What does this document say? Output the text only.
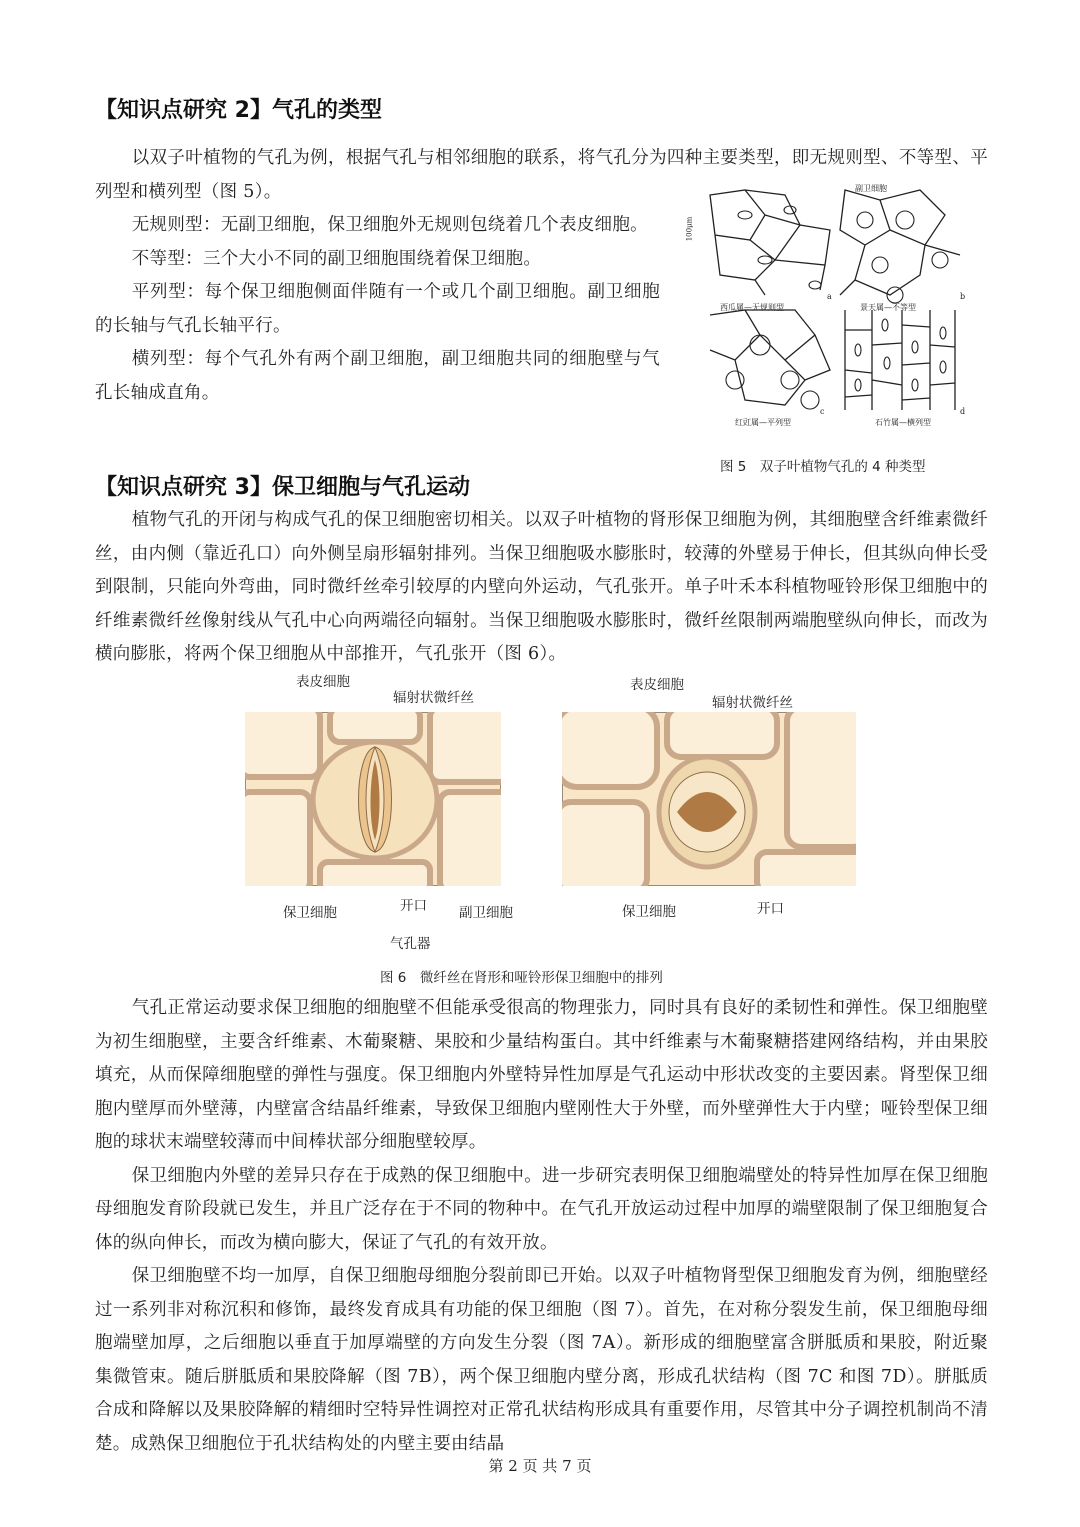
【知识点研究 2】气孔的类型

以双子叶植物的气孔为例，根据气孔与相邻细胞的联系，将气孔分为四种主要类型，即无规则型、不等型、平列型和横列型（图 5）。

无规则型：无副卫细胞，保卫细胞外无规则包绕着几个表皮细胞。

不等型：三个大小不同的副卫细胞围绕着保卫细胞。

平列型：每个保卫细胞侧面伴随有一个或几个副卫细胞。副卫细胞的长轴与气孔长轴平行。

横列型：每个气孔外有两个副卫细胞，副卫细胞共同的细胞壁与气孔长轴成直角。

西瓜属—无规则型
a
景天属—不等型
b
红豇属—平列型
c
石竹属—横列型
d
副卫细胞
100μm
图 5　双子叶植物气孔的 4 种类型
【知识点研究 3】保卫细胞与气孔运动

植物气孔的开闭与构成气孔的保卫细胞密切相关。以双子叶植物的肾形保卫细胞为例，其细胞壁含纤维素微纤丝，由内侧（靠近孔口）向外侧呈扇形辐射排列。当保卫细胞吸水膨胀时，较薄的外壁易于伸长，但其纵向伸长受到限制，只能向外弯曲，同时微纤丝牵引较厚的内壁向外运动，气孔张开。单子叶禾本科植物哑铃形保卫细胞中的纤维素微纤丝像射线从气孔中心向两端径向辐射。当保卫细胞吸水膨胀时，微纤丝限制两端胞壁纵向伸长，而改为横向膨胀，将两个保卫细胞从中部推开，气孔张开（图 6）。

表皮细胞
辐射状微纤丝
保卫细胞	开口 副卫细胞
气孔器
表皮细胞
辐射状微纤丝
保卫细胞	开口
图 6　微纤丝在肾形和哑铃形保卫细胞中的排列

气孔正常运动要求保卫细胞的细胞壁不但能承受很高的物理张力，同时具有良好的柔韧性和弹性。保卫细胞壁为初生细胞壁，主要含纤维素、木葡聚糖、果胶和少量结构蛋白。其中纤维素与木葡聚糖搭建网络结构，并由果胶填充，从而保障细胞壁的弹性与强度。保卫细胞内外壁特异性加厚是气孔运动中形状改变的主要因素。肾型保卫细胞内壁厚而外壁薄，内壁富含结晶纤维素，导致保卫细胞内壁刚性大于外壁，而外壁弹性大于内壁；哑铃型保卫细胞的球状末端壁较薄而中间棒状部分细胞壁较厚。

保卫细胞内外壁的差异只存在于成熟的保卫细胞中。进一步研究表明保卫细胞端壁处的特异性加厚在保卫细胞母细胞发育阶段就已发生，并且广泛存在于不同的物种中。在气孔开放运动过程中加厚的端壁限制了保卫细胞复合体的纵向伸长，而改为横向膨大，保证了气孔的有效开放。

保卫细胞壁不均一加厚，自保卫细胞母细胞分裂前即已开始。以双子叶植物肾型保卫细胞发育为例，细胞壁经过一系列非对称沉积和修饰，最终发育成具有功能的保卫细胞（图 7）。首先，在对称分裂发生前，保卫细胞母细胞端壁加厚，之后细胞以垂直于加厚端壁的方向发生分裂（图 7A）。新形成的细胞壁富含胼胝质和果胶，附近聚集微管束。随后胼胝质和果胶降解（图 7B），两个保卫细胞内壁分离，形成孔状结构（图 7C 和图 7D）。胼胝质合成和降解以及果胶降解的精细时空特异性调控对正常孔状结构形成具有重要作用，尽管其中分子调控机制尚不清楚。成熟保卫细胞位于孔状结构处的内壁主要由结晶

第 2 页 共 7 页
